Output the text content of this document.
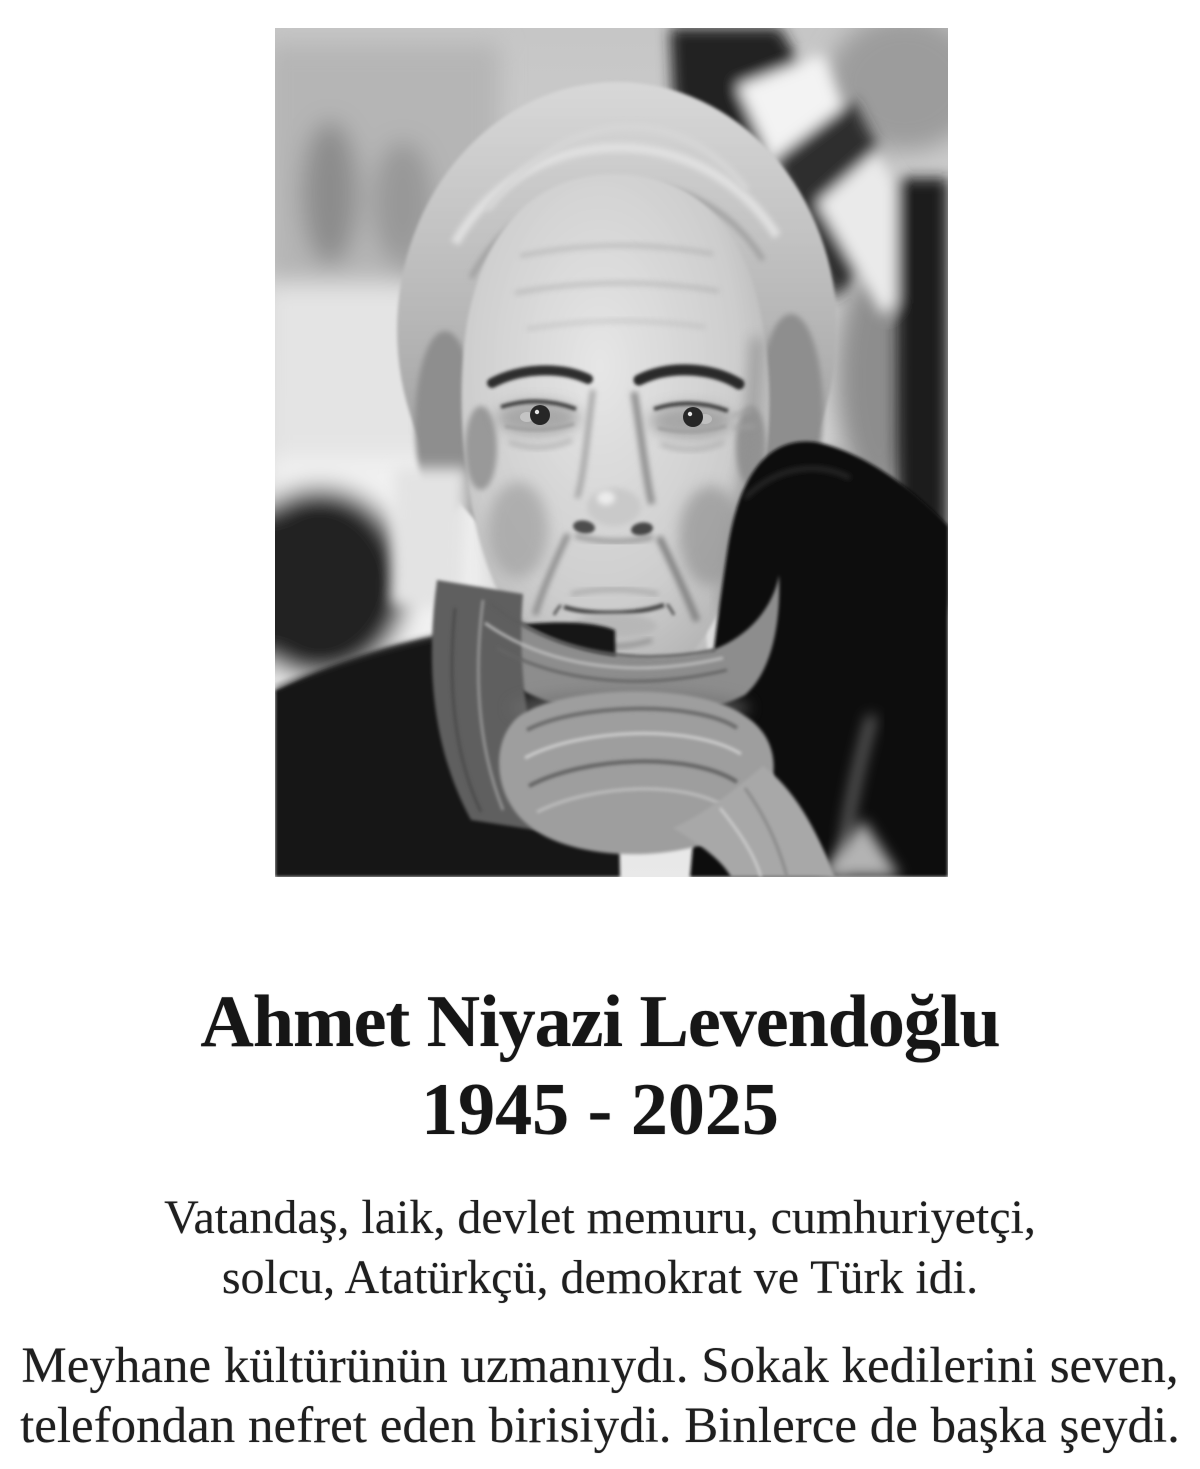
Ahmet Niyazi Levendoğlu
1945 - 2025
Vatandaş, laik, devlet memuru, cumhuriyetçi,
solcu, Atatürkçü, demokrat ve Türk idi.
Meyhane kültürünün uzmanıydı. Sokak kedilerini seven,
telefondan nefret eden birisiydi. Binlerce de başka şeydi.
